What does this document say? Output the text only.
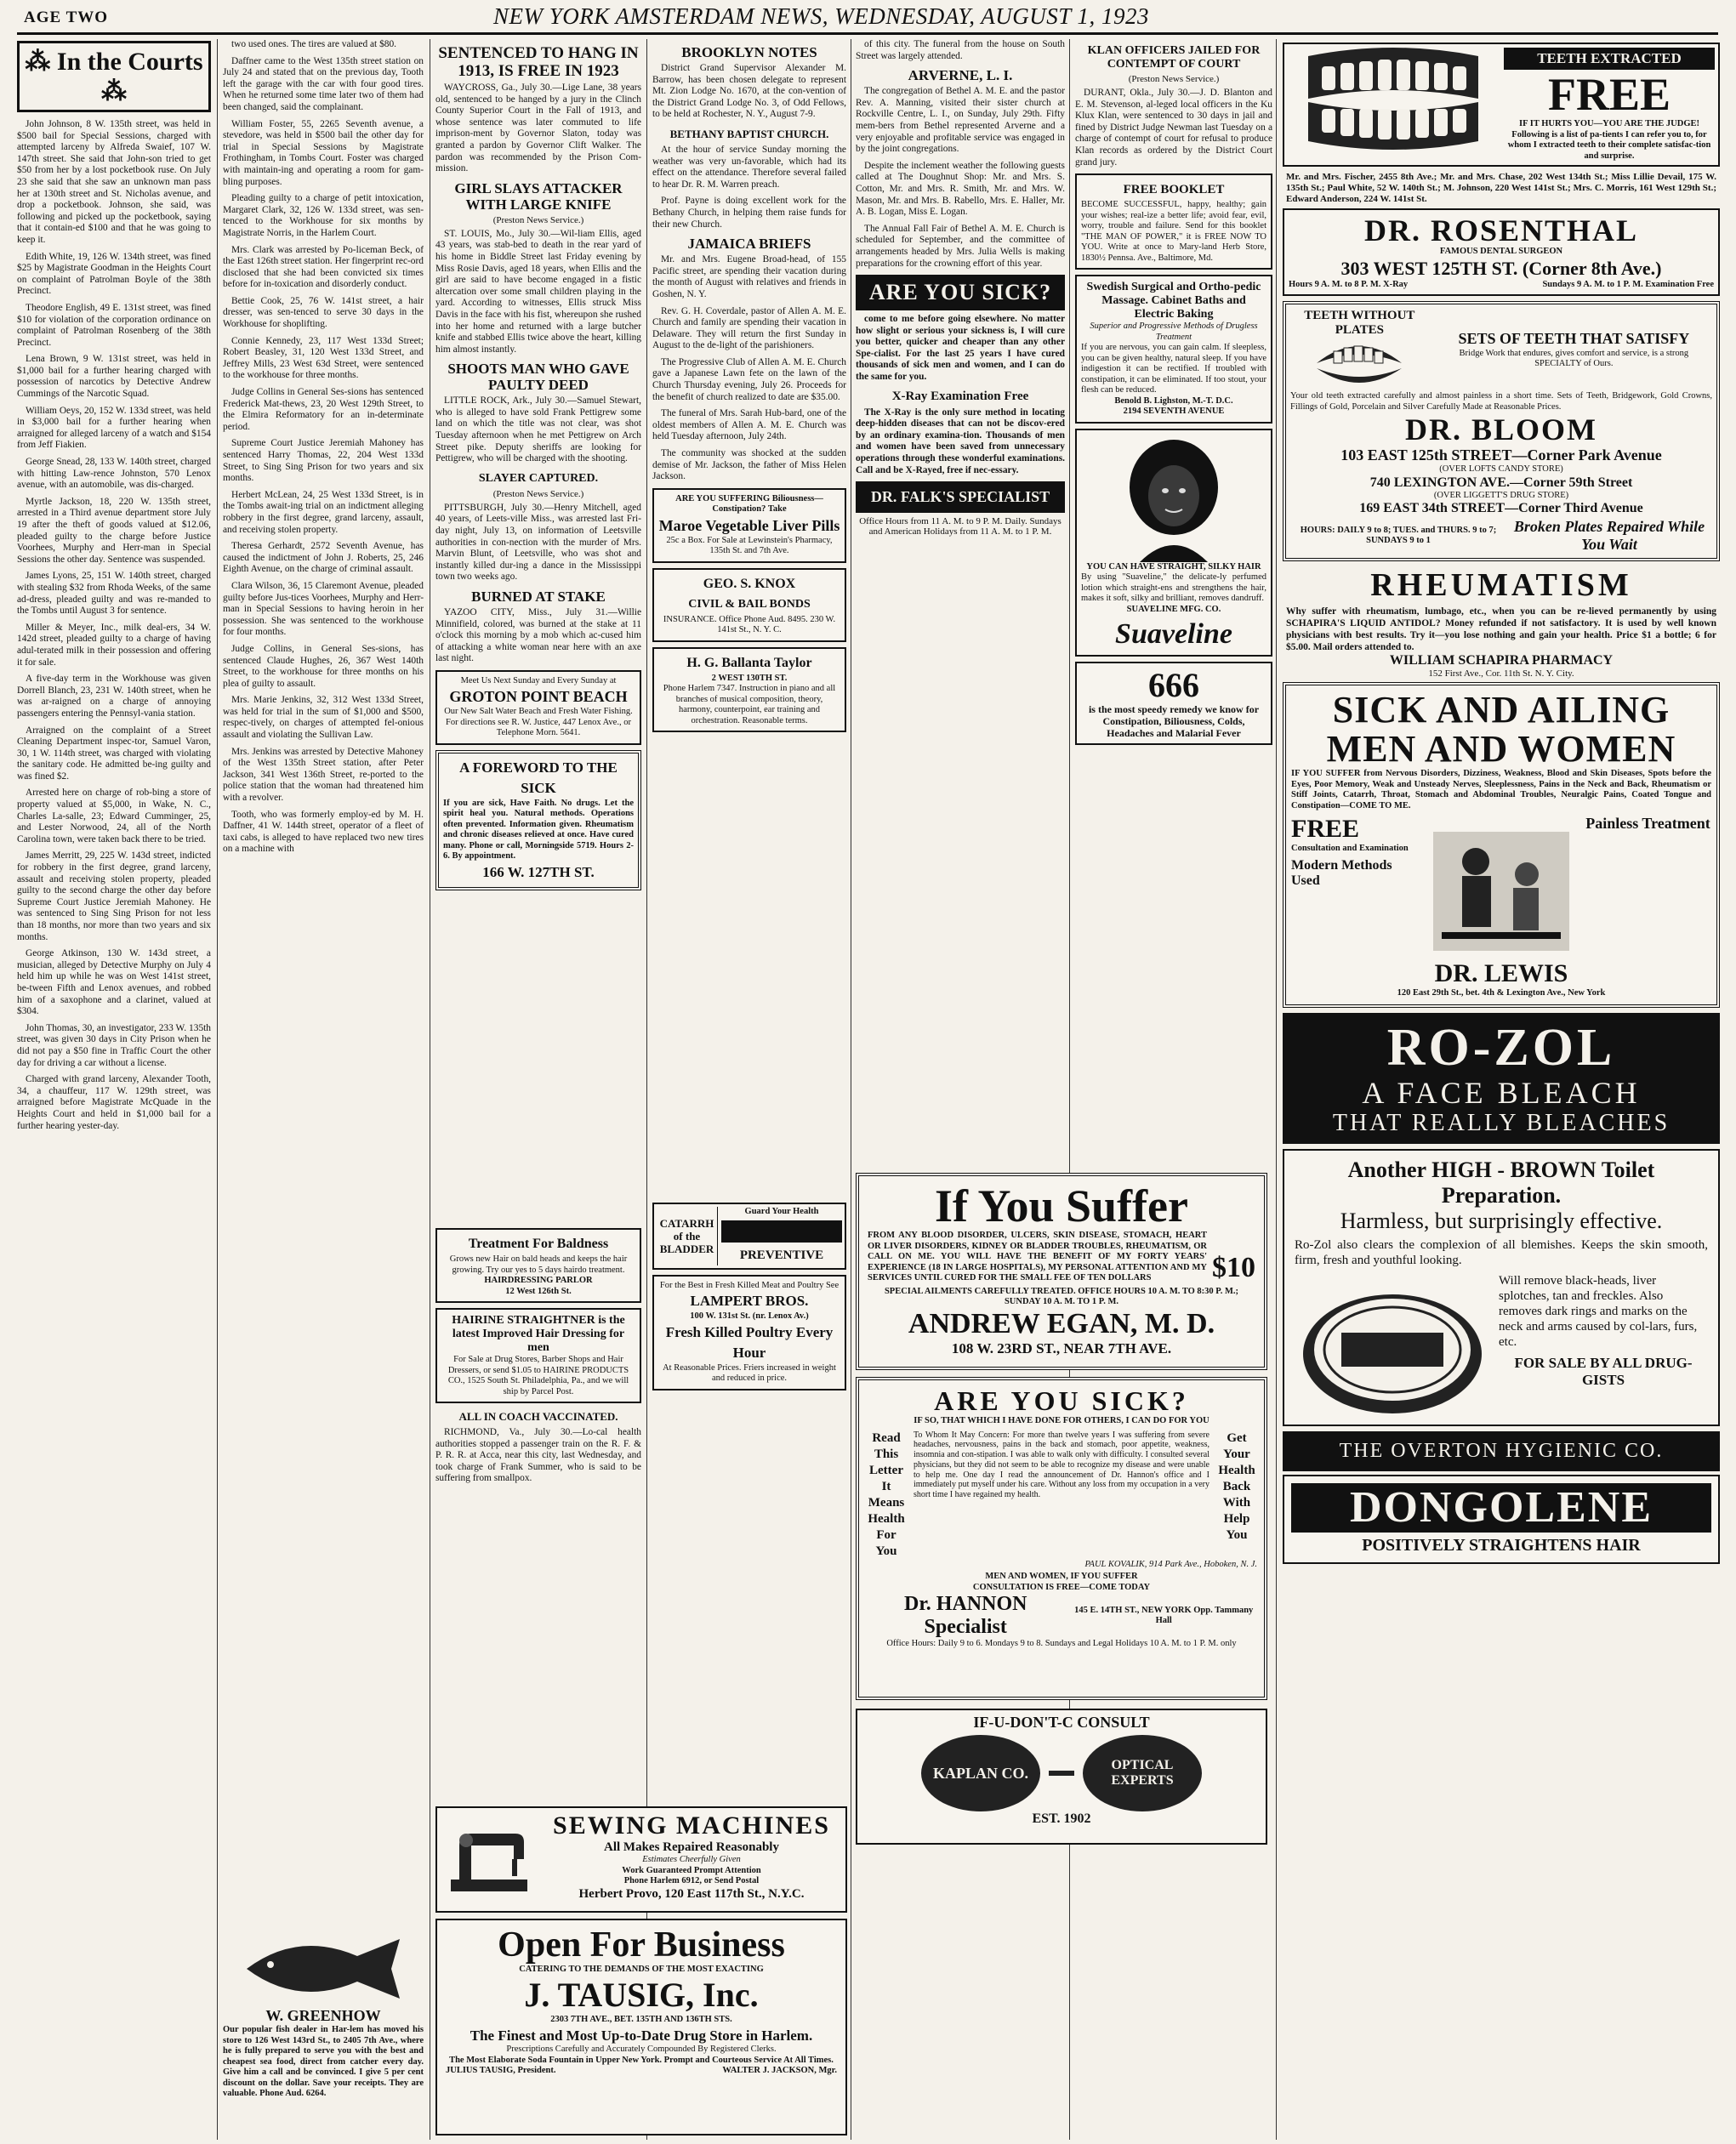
AGE TWO	NEW YORK AMSTERDAM NEWS, WEDNESDAY, AUGUST 1, 1923
⁂ In the Courts ⁂

John Johnson, 8 W. 135th street, was held in $500 bail for Special Sessions, charged with attempted larceny by Alfreda Swaief, 107 W. 147th street. She said that John-son tried to get $50 from her by a lost pocketbook ruse. On July 23 she said that she saw an unknown man pass her at 130th street and St. Nicholas avenue, and drop a pocketbook. Johnson, she said, was following and picked up the pocketbook, saying that it contain-ed $100 and that he was going to keep it.

Edith White, 19, 126 W. 134th street, was fined $25 by Magistrate Goodman in the Heights Court on complaint of Patrolman Boyle of the 38th Precinct.

Theodore English, 49 E. 131st street, was fined $10 for violation of the corporation ordinance on complaint of Patrolman Rosenberg of the 38th Precinct.

Lena Brown, 9 W. 131st street, was held in $1,000 bail for a further hearing charged with possession of narcotics by Detective Andrew Cummings of the Narcotic Squad.

William Oeys, 20, 152 W. 133d street, was held in $3,000 bail for a further hearing when arraigned for alleged larceny of a watch and $154 from Jeff Fiakien.

George Snead, 28, 133 W. 140th street, charged with hitting Law-rence Johnston, 570 Lenox avenue, with an automobile, was dis-charged.

Myrtle Jackson, 18, 220 W. 135th street, arrested in a Third avenue department store July 19 after the theft of goods valued at $12.06, pleaded guilty to the charge before Justice Voorhees, Murphy and Herr-man in Special Sessions the other day. Sentence was suspended.

James Lyons, 25, 151 W. 140th street, charged with stealing $32 from Rhoda Weeks, of the same ad-dress, pleaded guilty and was re-manded to the Tombs until August 3 for sentence.

Miller & Meyer, Inc., milk deal-ers, 34 W. 142d street, pleaded guilty to a charge of having adul-terated milk in their possession and offering it for sale.

A five-day term in the Workhouse was given Dorrell Blanch, 23, 231 W. 140th street, when he was ar-raigned on a charge of annoying passengers entering the Pennsyl-vania station.

Arraigned on the complaint of a Street Cleaning Department inspec-tor, Samuel Varon, 30, 1 W. 114th street, was charged with violating the sanitary code. He admitted be-ing guilty and was fined $2.

Arrested here on charge of rob-bing a store of property valued at $5,000, in Wake, N. C., Charles La-salle, 23; Edward Cumminger, 25, and Lester Norwood, 24, all of the North Carolina town, were taken back there to be tried.

James Merritt, 29, 225 W. 143d street, indicted for robbery in the first degree, grand larceny, assault and receiving stolen property, pleaded guilty to the second charge the other day before Supreme Court Justice Jeremiah Mahoney. He was sentenced to Sing Sing Prison for not less than 18 months, nor more than two years and six months.

George Atkinson, 130 W. 143d street, a musician, alleged by Detective Murphy on July 4 held him up while he was on West 141st street, be-tween Fifth and Lenox avenues, and robbed him of a saxophone and a clarinet, valued at $304.

John Thomas, 30, an investigator, 233 W. 135th street, was given 30 days in City Prison when he did not pay a $50 fine in Traffic Court the other day for driving a car without a license.

Charged with grand larceny, Alexander Tooth, 34, a chauffeur, 117 W. 129th street, was arraigned before Magistrate McQuade in the Heights Court and held in $1,000 bail for a further hearing yester-day.

two used ones. The tires are valued at $80.

Daffner came to the West 135th street station on July 24 and stated that on the previous day, Tooth left the garage with the car with four good tires. When he returned some time later two of them had been changed, said the complainant.

William Foster, 55, 2265 Seventh avenue, a stevedore, was held in $500 bail the other day for trial in Special Sessions by Magistrate Frothingham, in Tombs Court. Foster was charged with maintain-ing and operating a room for gam-bling purposes.

Pleading guilty to a charge of petit intoxication, Margaret Clark, 32, 126 W. 133d street, was sen-tenced to the Workhouse for six months by Magistrate Norris, in the Harlem Court.

Mrs. Clark was arrested by Po-liceman Beck, of the East 126th street station. Her fingerprint rec-ord disclosed that she had been convicted six times before for in-toxication and disorderly conduct.

Bettie Cook, 25, 76 W. 141st street, a hair dresser, was sen-tenced to serve 30 days in the Workhouse for shoplifting.

Connie Kennedy, 23, 117 West 133d Street; Robert Beasley, 31, 120 West 133d Street, and Jeffrey Mills, 23 West 63d Street, were sentenced to the workhouse for three months.

Judge Collins in General Ses-sions has sentenced Frederick Mat-thews, 23, 20 West 129th Street, to the Elmira Reformatory for an in-determinate period.

Supreme Court Justice Jeremiah Mahoney has sentenced Harry Thomas, 22, 204 West 133d Street, to Sing Sing Prison for two years and six months.

Herbert McLean, 24, 25 West 133d Street, is in the Tombs await-ing trial on an indictment alleging robbery in the first degree, grand larceny, assault, and receiving stolen property.

Theresa Gerhardt, 2572 Seventh Avenue, has caused the indictment of John J. Roberts, 25, 246 Eighth Avenue, on the charge of criminal assault.

Clara Wilson, 36, 15 Claremont Avenue, pleaded guilty before Jus-tices Voorhees, Murphy and Herr-man in Special Sessions to having heroin in her possession. She was sentenced to the workhouse for four months.

Judge Collins, in General Ses-sions, has sentenced Claude Hughes, 26, 367 West 140th Street, to the workhouse for three months on his plea of guilty to assault.

Mrs. Marie Jenkins, 32, 312 West 133d Street, was held for trial in the sum of $1,000 and $500, respec-tively, on charges of attempted fel-onious assault and violating the Sullivan Law.

Mrs. Jenkins was arrested by Detective Mahoney of the West 135th Street station, after Peter Jackson, 341 West 136th Street, re-ported to the police station that the woman had threatened him with a revolver.

Tooth, who was formerly employ-ed by M. H. Daffner, 41 W. 144th street, operator of a fleet of taxi cabs, is alleged to have replaced two new tires on a machine with

SENTENCED TO HANG IN 1913, IS FREE IN 1923

WAYCROSS, Ga., July 30.—Lige Lane, 38 years old, sentenced to be hanged by a jury in the Clinch County Superior Court in the Fall of 1913, and whose sentence was later commuted to life imprison-ment by Governor Slaton, today was granted a pardon by Governor Clift Walker. The pardon was recommended by the Prison Com-mission.

GIRL SLAYS ATTACKER WITH LARGE KNIFE
(Preston News Service.)

ST. LOUIS, Mo., July 30.—Wil-liam Ellis, aged 43 years, was stab-bed to death in the rear yard of his home in Biddle Street last Friday evening by Miss Rosie Davis, aged 18 years, when Ellis and the girl are said to have become engaged in a fistic altercation over some small children playing in the yard. According to witnesses, Ellis struck Miss Davis in the face with his fist, whereupon she rushed into her home and returned with a large butcher knife and stabbed Ellis twice above the heart, killing him almost instantly.

SHOOTS MAN WHO GAVE PAULTY DEED

LITTLE ROCK, Ark., July 30.—Samuel Stewart, who is alleged to have sold Frank Pettigrew some land on which the title was not clear, was shot Tuesday afternoon when he met Pettigrew on Arch Street pike. Deputy sheriffs are looking for Pettigrew, who will be charged with the shooting.

SLAYER CAPTURED.
(Preston News Service.)

PITTSBURGH, July 30.—Henry Mitchell, aged 40 years, of Leets-ville Miss., was arrested last Fri-day night, July 13, on information of Leetsville authorities in con-nection with the murder of Mrs. Marvin Blunt, of Leetsville, who was shot and instantly killed dur-ing a dance in the Mississippi town two weeks ago.

BURNED AT STAKE

YAZOO CITY, Miss., July 31.—Willie Minnifield, colored, was burned at the stake at 11 o'clock this morning by a mob which ac-cused him of attacking a white woman near here with an axe last night.

Meet Us Next Sunday and Every Sunday at
GROTON POINT BEACH
Our New Salt Water Beach and Fresh Water Fishing. For directions see R. W. Justice, 447 Lenox Ave., or Telephone Morn. 5641.
A FOREWORD TO THE SICK
If you are sick, Have Faith. No drugs. Let the spirit heal you. Natural methods. Operations often prevented. Information given. Rheumatism and chronic diseases relieved at once. Have cured many. Phone or call, Morningside 5719. Hours 2-6. By appointment.
166 W. 127TH ST.
Treatment For Baldness
Grows new Hair on bald heads and keeps the hair growing. Try our yes to 5 days hairdo treatment.
HAIRDRESSING PARLOR
12 West 126th St.
HAIRINE STRAIGHTNER is the latest Improved Hair Dressing for men
For Sale at Drug Stores, Barber Shops and Hair Dressers, or send $1.05 to HAIRINE PRODUCTS CO., 1525 South St. Philadelphia, Pa., and we will ship by Parcel Post.
ALL IN COACH VACCINATED.

RICHMOND, Va., July 30.—Lo-cal health authorities stopped a passenger train on the R. F. & P. R. R. at Acca, near this city, last Wednesday, and took charge of Frank Summer, who is said to be suffering from smallpox.

BROOKLYN NOTES

District Grand Supervisor Alexander M. Barrow, has been chosen delegate to represent Mt. Zion Lodge No. 1670, at the con-vention of the District Grand Lodge No. 3, of Odd Fellows, to be held at Rochester, N. Y., August 7-9.

BETHANY BAPTIST CHURCH.

At the hour of service Sunday morning the weather was very un-favorable, which had its effect on the attendance. Therefore several failed to hear Dr. R. M. Warren preach.

Prof. Payne is doing excellent work for the Bethany Church, in helping them raise funds for their new Church.

JAMAICA BRIEFS

Mr. and Mrs. Eugene Broad-head, of 155 Pacific street, are spending their vacation during the month of August with relatives and friends in Goshen, N. Y.

Rev. G. H. Coverdale, pastor of Allen A. M. E. Church and family are spending their vacation in Delaware. They will return the first Sunday in August to the de-light of the parishioners.

The Progressive Club of Allen A. M. E. Church gave a Japanese Lawn fete on the lawn of the Church Thursday evening, July 26. Proceeds for the benefit of church realized to date are $35.00.

The funeral of Mrs. Sarah Hub-bard, one of the oldest members of Allen A. M. E. Church was held Tuesday afternoon, July 24th.

The community was shocked at the sudden demise of Mr. Jackson, the father of Miss Helen Jackson.

ARE YOU SUFFERING Biliousness—Constipation? Take
Maroe Vegetable Liver Pills
25c a Box. For Sale at Lewinstein's Pharmacy, 135th St. and 7th Ave.
GEO. S. KNOX
CIVIL & BAIL BONDS
INSURANCE. Office Phone Aud. 8495. 230 W. 141st St., N. Y. C.
H. G. Ballanta Taylor
2 WEST 130TH ST.
Phone Harlem 7347. Instruction in piano and all branches of musical composition, theory, harmony, counterpoint, ear training and orchestration. Reasonable terms.
CATARRH of the BLADDER
Guard Your Health
PREVENTIVE
For the Best in Fresh Killed Meat and Poultry See
LAMPERT BROS.
100 W. 131st St. (nr. Lenox Av.)
Fresh Killed Poultry Every Hour
At Reasonable Prices. Friers increased in weight and reduced in price.

of this city. The funeral from the house on South Street was largely attended.

ARVERNE, L. I.

The congregation of Bethel A. M. E. and the pastor Rev. A. Manning, visited their sister church at Rockville Centre, L. I., on Sunday, July 29th. Fifty mem-bers from Bethel represented Arverne and a very enjoyable and profitable service was engaged in by the joint congregations.

Despite the inclement weather the following guests called at The Doughnut Shop: Mr. and Mrs. S. Cotton, Mr. and Mrs. R. Smith, Mr. and Mrs. W. Mason, Mr. and Mrs. B. Rabello, Mrs. E. Haller, Mr. A. B. Logan, Miss E. Logan.

The Annual Fall Fair of Bethel A. M. E. Church is scheduled for September, and the committee of arrangements headed by Mrs. Julia Wells is making preparations for the crowning effort of this year.

ARE YOU SICK?

come to me before going elsewhere. No matter how slight or serious your sickness is, I will cure you better, quicker and cheaper than any other Spe-cialist. For the last 25 years I have cured thousands of sick men and women, and I can do the same for you.

X-Ray Examination Free

The X-Ray is the only sure method in locating deep-hidden diseases that can not be discov-ered by an ordinary examina-tion. Thousands of men and women have been saved from unnecessary operations through these wonderful examinations. Call and be X-Rayed, free if nec-essary.

DR. FALK'S SPECIALIST
Office Hours from 11 A. M. to 9 P. M. Daily. Sundays and American Holidays from 11 A. M. to 1 P. M.
KLAN OFFICERS JAILED FOR CONTEMPT OF COURT
(Preston News Service.)

DURANT, Okla., July 30.—J. D. Blanton and E. M. Stevenson, al-leged local officers in the Ku Klux Klan, were sentenced to 30 days in jail and fined by District Judge Newman last Tuesday on a charge of contempt of court for refusal to produce Klan records as ordered by the District Court grand jury.

FREE BOOKLET
BECOME SUCCESSFUL, happy, healthy; gain your wishes; real-ize a better life; avoid fear, evil, worry, trouble and failure. Send for this booklet "THE MAN OF POWER," it is FREE NOW TO YOU. Write at once to Mary-land Herb Store, 1830½ Pennsa. Ave., Baltimore, Md.
Swedish Surgical and Ortho-pedic Massage. Cabinet Baths and Electric Baking
Superior and Progressive Methods of Drugless Treatment
If you are nervous, you can gain calm. If sleepless, you can be given healthy, natural sleep. If you have indigestion it can be rectified. If troubled with constipation, it can be eliminated. If too stout, your flesh can be reduced.
Benold B. Lighston, M.-T. D.C.
2194 SEVENTH AVENUE
YOU CAN HAVE STRAIGHT, SILKY HAIR
By using "Suaveline," the delicate-ly perfumed lotion which straight-ens and strengthens the hair, makes it soft, silky and brilliant, removes dandruff.
SUAVELINE MFG. CO.
Suaveline
666
is the most speedy remedy we know for Constipation, Biliousness, Colds, Headaches and Malarial Fever
TEETH EXTRACTED
FREE
IF IT HURTS YOU—YOU ARE THE JUDGE! Following is a list of pa-tients I can refer you to, for whom I extracted teeth to their complete satisfac-tion and surprise.
Mr. and Mrs. Fischer, 2455 8th Ave.; Mr. and Mrs. Chase, 202 West 134th St.; Miss Lillie Devail, 175 W. 135th St.; Paul White, 52 W. 140th St.; M. Johnson, 220 West 141st St.; Mrs. C. Morris, 161 West 129th St.; Edward Anderson, 224 W. 141st St.
DR. ROSENTHAL
FAMOUS DENTAL SURGEON
303 WEST 125TH ST. (Corner 8th Ave.)
Hours 9 A. M. to 8 P. M. X-Ray	Sundays 9 A. M. to 1 P. M. Examination Free
TEETH WITHOUT PLATES	SETS OF TEETH THAT SATISFY
Bridge Work that endures, gives comfort and service, is a strong SPECIALTY of Ours.
Your old teeth extracted carefully and almost painless in a short time. Sets of Teeth, Bridgework, Gold Crowns, Fillings of Gold, Porcelain and Silver Carefully Made at Reasonable Prices.
DR. BLOOM
103 EAST 125th STREET—Corner Park Avenue
(OVER LOFTS CANDY STORE)
740 LEXINGTON AVE.—Corner 59th Street
(OVER LIGGETT'S DRUG STORE)
169 EAST 34th STREET—Corner Third Avenue
HOURS: DAILY 9 to 8; TUES. and THURS. 9 to 7; SUNDAYS 9 to 1
Broken Plates Repaired While You Wait
RHEUMATISM
Why suffer with rheumatism, lumbago, etc., when you can be re-lieved permanently by using SCHAPIRA'S LIQUID ANTIDOL? Money refunded if not satisfactory. It is used by well known physicians with best results. Try it—you lose nothing and gain your health. Price $1 a bottle; 6 for $5.00. Mail orders attended to.
WILLIAM SCHAPIRA PHARMACY
152 First Ave., Cor. 11th St. N. Y. City.
SICK AND AILING MEN AND WOMEN
IF YOU SUFFER from Nervous Disorders, Dizziness, Weakness, Blood and Skin Diseases, Spots before the Eyes, Poor Memory, Weak and Unsteady Nerves, Sleeplessness, Pains in the Neck and Back, Rheumatism or Stiff Joints, Catarrh, Throat, Stomach and Abdominal Troubles, Neuralgic Pains, Coated Tongue and Constipation—COME TO ME.
FREE
Consultation and Examination
Modern Methods Used
Painless Treatment
DR. LEWIS
120 East 29th St., bet. 4th & Lexington Ave., New York
RO-ZOL
A FACE BLEACH
THAT REALLY BLEACHES
Another HIGH - BROWN Toilet Preparation.
Harmless, but surprisingly effective.
Ro-Zol also clears the complexion of all blemishes. Keeps the skin smooth, firm, fresh and youthful looking.
Will remove black-heads, liver splotches, tan and freckles. Also removes dark rings and marks on the neck and arms caused by col-lars, furs, etc.
FOR SALE BY ALL DRUG-GISTS
THE OVERTON HYGIENIC CO.
DONGOLENE
POSITIVELY STRAIGHTENS HAIR
If You Suffer
FROM ANY BLOOD DISORDER, ULCERS, SKIN DISEASE, STOMACH, HEART OR LIVER DISORDERS, KIDNEY OR BLADDER TROUBLES, RHEUMATISM, OR CALL ON ME. YOU WILL HAVE THE BENEFIT OF MY FORTY YEARS' EXPERIENCE (18 IN LARGE HOSPITALS), MY PERSONAL ATTENTION AND MY SERVICES UNTIL CURED FOR THE SMALL FEE OF TEN DOLLARS	$10
SPECIAL AILMENTS CAREFULLY TREATED. OFFICE HOURS 10 A. M. TO 8:30 P. M.; SUNDAY 10 A. M. TO 1 P. M.
ANDREW EGAN, M. D.
108 W. 23RD ST., NEAR 7TH AVE.
ARE YOU SICK?
IF SO, THAT WHICH I HAVE DONE FOR OTHERS, I CAN DO FOR YOU
Read This Letter It Means Health For You
To Whom It May Concern: For more than twelve years I was suffering from severe headaches, nervousness, pains in the back and stomach, poor appetite, weakness, insomnia and con-stipation. I was able to walk only with difficulty. I consulted several physicians, but they did not seem to be able to recognize my disease and were unable to help me. One day I read the announcement of Dr. Hannon's office and I immediately put myself under his care. Without any loss from my occupation in a very short time I have regained my health.
Get Your Health Back With Help You
PAUL KOVALIK, 914 Park Ave., Hoboken, N. J.
MEN AND WOMEN, IF YOU SUFFER
CONSULTATION IS FREE—COME TODAY
Dr. HANNON Specialist
145 E. 14TH ST., NEW YORK Opp. Tammany Hall
Office Hours: Daily 9 to 6. Mondays 9 to 8. Sundays and Legal Holidays 10 A. M. to 1 P. M. only
SEWING MACHINES
All Makes Repaired Reasonably
Estimates Cheerfully Given
Work Guaranteed Prompt Attention
Phone Harlem 6912, or Send Postal
Herbert Provo, 120 East 117th St., N.Y.C.
Open For Business
CATERING TO THE DEMANDS OF THE MOST EXACTING
J. TAUSIG, Inc.
2303 7TH AVE., BET. 135TH AND 136TH STS.
The Finest and Most Up-to-Date Drug Store in Harlem.
Prescriptions Carefully and Accurately Compounded By Registered Clerks.
The Most Elaborate Soda Fountain in Upper New York. Prompt and Courteous Service At All Times.
JULIUS TAUSIG, President.	WALTER J. JACKSON, Mgr.
W. GREENHOW
Our popular fish dealer in Har-lem has moved his store to 126 West 143rd St., to 2405 7th Ave., where he is fully prepared to serve you with the best and cheapest sea food, direct from catcher every day. Give him a call and be convinced. I give 5 per cent discount on the dollar. Save your receipts. They are valuable. Phone Aud. 6264.
IF-U-DON'T-C CONSULT
KAPLAN CO.	OPTICAL EXPERTS
EST. 1902
